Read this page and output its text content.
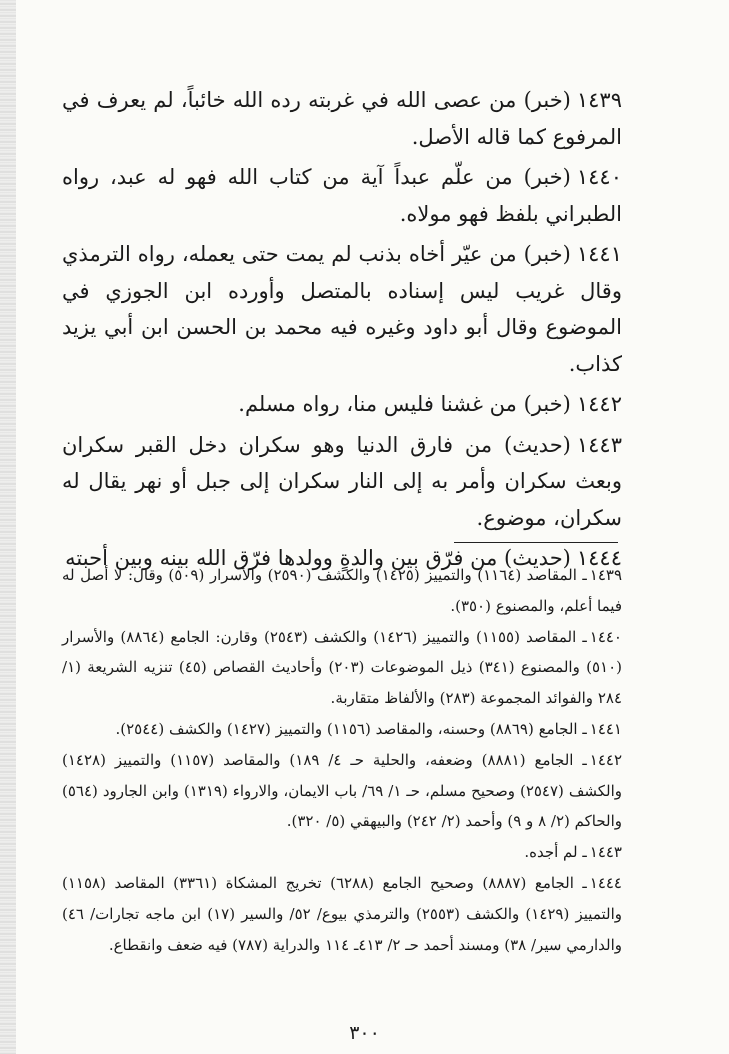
١٤٣٩(خبر) من عصى الله في غربته رده الله خائباً، لم يعرف في المرفوع كما قاله الأصل.

١٤٤٠(خبر) من علّم عبداً آية من كتاب الله فهو له عبد، رواه الطبراني بلفظ فهو مولاه.

١٤٤١(خبر) من عيّر أخاه بذنب لم يمت حتى يعمله، رواه الترمذي وقال غريب ليس إسناده بالمتصل وأورده ابن الجوزي في الموضوع وقال أبو داود وغيره فيه محمد بن الحسن ابن أبي يزيد كذاب.

١٤٤٢(خبر) من غشنا فليس منا، رواه مسلم.

١٤٤٣(حديث) من فارق الدنيا وهو سكران دخل القبر سكران وبعث سكران وأمر به إلى النار سكران إلى جبل أو نهر يقال له سكران، موضوع.

١٤٤٤(حديث) من فرّق بين والدةٍ وولدها فرّق الله بينه وبين أحبته

١٤٣٩ـ المقاصد (١١٦٤) والتمييز (١٤٢٥) والكشف (٢٥٩٠) والأسرار (٥٠٩) وقال: لا أصل له فيما أعلم، والمصنوع (٣٥٠).

١٤٤٠ـ المقاصد (١١٥٥) والتمييز (١٤٢٦) والكشف (٢٥٤٣) وقارن: الجامع (٨٨٦٤) والأسرار (٥١٠) والمصنوع (٣٤١) ذيل الموضوعات (٢٠٣) وأحاديث القصاص (٤٥) تنزيه الشريعة (١/ ٢٨٤ والفوائد المجموعة (٢٨٣) والألفاظ متقاربة.

١٤٤١ـ الجامع (٨٨٦٩) وحسنه، والمقاصد (١١٥٦) والتمييز (١٤٢٧) والكشف (٢٥٤٤).

١٤٤٢ـ الجامع (٨٨٨١) وضعفه، والحلية حـ ٤/ ١٨٩) والمقاصد (١١٥٧) والتمييز (١٤٢٨) والكشف (٢٥٤٧) وصحيح مسلم، حـ ١/ ٦٩/ باب الايمان، والارواء (١٣١٩) وابن الجارود (٥٦٤) والحاكم (٢/ ٨ و ٩) وأحمد (٢/ ٢٤٢) والبيهقي (٥/ ٣٢٠).

١٤٤٣ـ لم أجده.

١٤٤٤ـ الجامع (٨٨٨٧) وصحيح الجامع (٦٢٨٨) تخريج المشكاة (٣٣٦١) المقاصد (١١٥٨) والتمييز (١٤٢٩) والكشف (٢٥٥٣) والترمذي بيوع/ ٥٢/ والسير (١٧) ابن ماجه تجارات/ ٤٦) والدارمي سير/ ٣٨) ومسند أحمد حـ ٢/ ٤١٣ـ ١١٤ والدراية (٧٨٧) فيه ضعف وانقطاع.

٣٠٠
